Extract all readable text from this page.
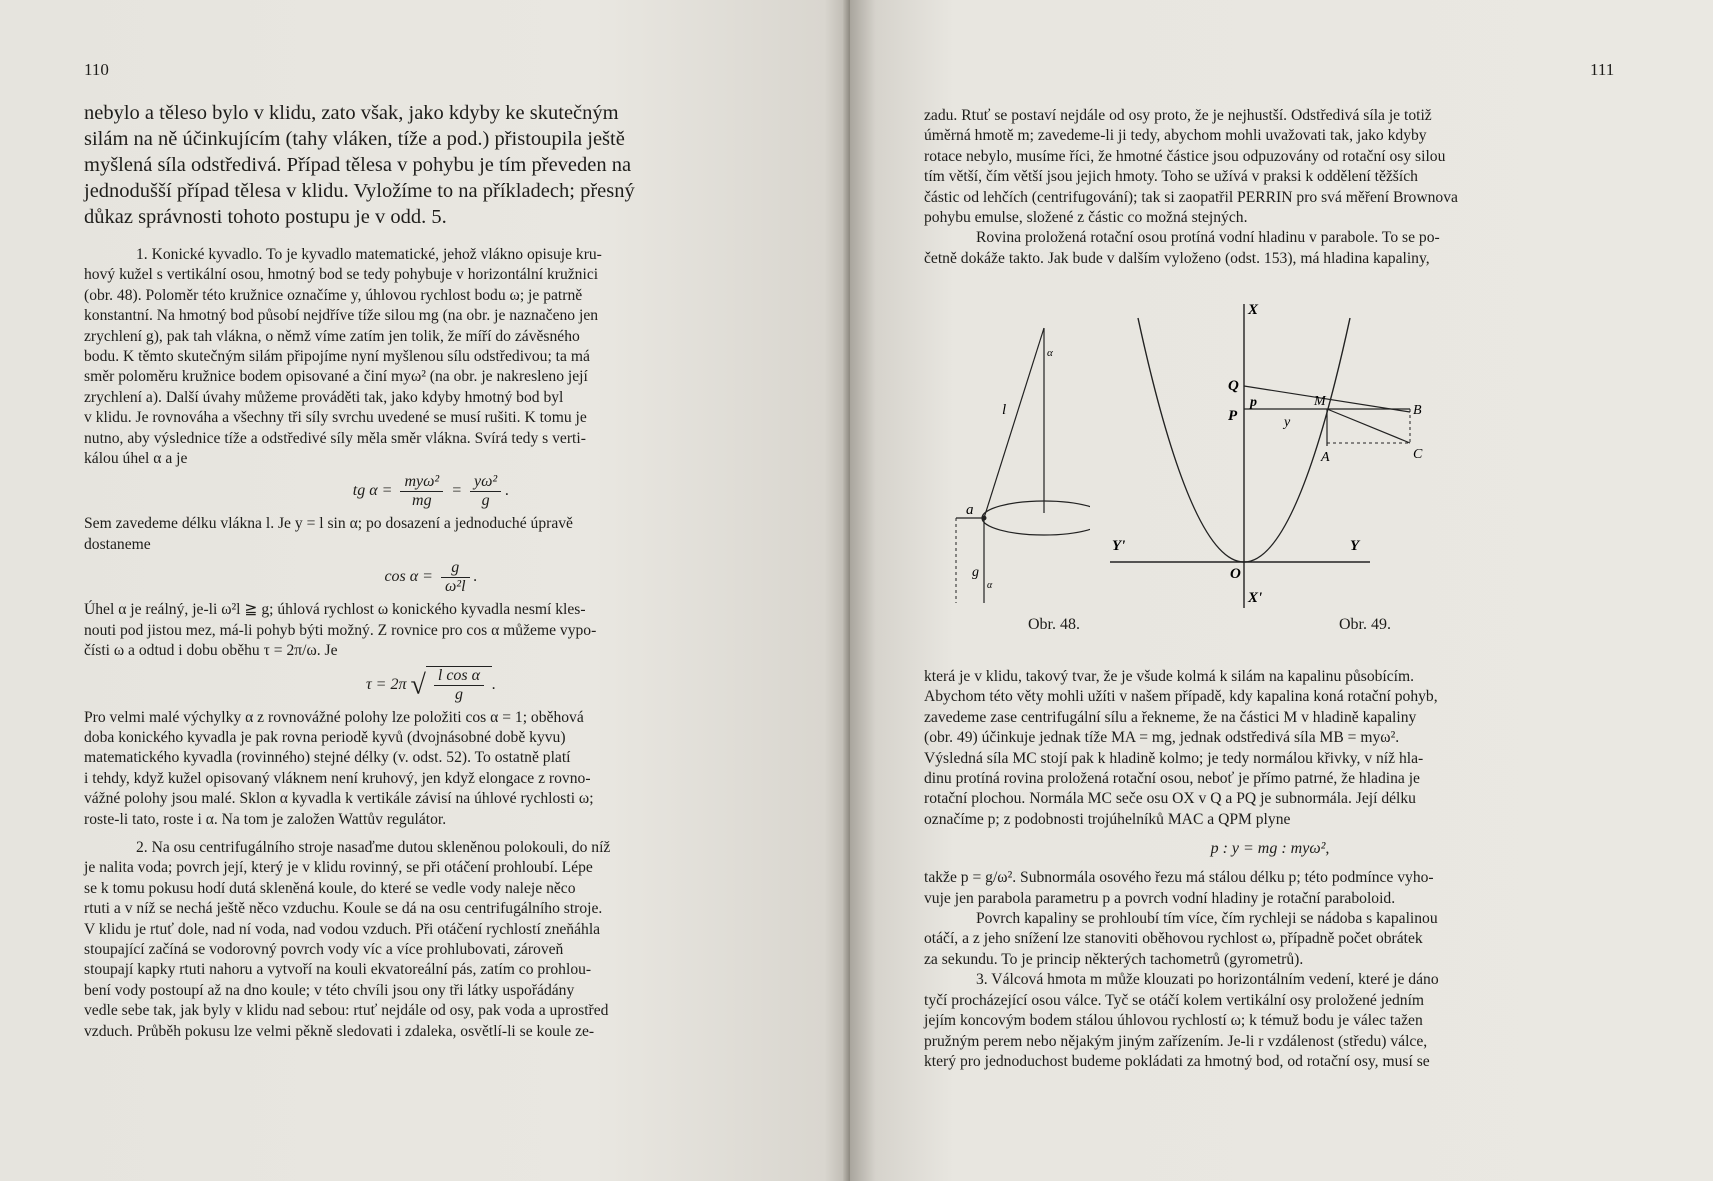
110

nebylo a těleso bylo v klidu, zato však, jako kdyby ke skutečným

silám na ně účinkujícím (tahy vláken, tíže a pod.) přistoupila ještě

myšlená síla odstředivá. Případ tělesa v pohybu je tím převeden na

jednodušší případ tělesa v klidu. Vyložíme to na příkladech; přesný

důkaz správnosti tohoto postupu je v odd. 5.

1. Konické kyvadlo. To je kyvadlo matematické, jehož vlákno opisuje kru-

hový kužel s vertikální osou, hmotný bod se tedy pohybuje v horizontální kružnici

(obr. 48). Poloměr této kružnice označíme y, úhlovou rychlost bodu ω; je patrně

konstantní. Na hmotný bod působí nejdříve tíže silou mg (na obr. je naznačeno jen

zrychlení g), pak tah vlákna, o němž víme zatím jen tolik, že míří do závěsného

bodu. K těmto skutečným silám připojíme nyní myšlenou sílu odstředivou; ta má

směr poloměru kružnice bodem opisované a činí myω² (na obr. je nakresleno její

zrychlení a). Další úvahy můžeme prováděti tak, jako kdyby hmotný bod byl

v klidu. Je rovnováha a všechny tři síly svrchu uvedené se musí rušiti. K tomu je

nutno, aby výslednice tíže a odstředivé síly měla směr vlákna. Svírá tedy s verti-

kálou úhel α a je

tg $\alpha = \frac{\text{myω²}}{mg} = \frac{\text{yω²}}{g}$ .

Sem zavedeme délku vlákna l. Je y = l sin α; po dosazení a jednoduché úpravě

dostaneme

$\cos \alpha = \frac{g}{\text{ω²l}}$ .

Úhel α je reálný, je-li ω²l ≧ g; úhlová rychlost ω konického kyvadla nesmí kles-

nouti pod jistou mez, má-li pohyb býti možný. Z rovnice pro cos α můžeme vypo-

čísti ω a odtud i dobu oběhu τ = 2π/ω. Je

τ = 2π √ $\frac{\text{l cos α}}{g}$ .

Pro velmi malé výchylky α z rovnovážné polohy lze položiti cos α = 1; oběhová

doba konického kyvadla je pak rovna periodě kyvů (dvojnásobné době kyvu)

matematického kyvadla (rovinného) stejné délky (v. odst. 52). To ostatně platí

i tehdy, když kužel opisovaný vláknem není kruhový, jen když elongace z rovno-

vážné polohy jsou malé. Sklon α kyvadla k vertikále závisí na úhlové rychlosti ω;

roste-li tato, roste i α. Na tom je založen Wattův regulátor.

2. Na osu centrifugálního stroje nasaďme dutou skleněnou polokouli, do níž

je nalita voda; povrch její, který je v klidu rovinný, se při otáčení prohloubí. Lépe

se k tomu pokusu hodí dutá skleněná koule, do které se vedle vody naleje něco

rtuti a v níž se nechá ještě něco vzduchu. Koule se dá na osu centrifugálního stroje.

V klidu je rtuť dole, nad ní voda, nad vodou vzduch. Při otáčení rychlostí zneňáhla

stoupající začíná se vodorovný povrch vody víc a více prohlubovati, zároveň

stoupají kapky rtuti nahoru a vytvoří na kouli ekvatoreální pás, zatím co prohlou-

bení vody postoupí až na dno koule; v této chvíli jsou ony tři látky uspořádány

vedle sebe tak, jak byly v klidu nad sebou: rtuť nejdále od osy, pak voda a uprostřed

vzduch. Průběh pokusu lze velmi pěkně sledovati i zdaleka, osvětlí-li se koule ze-

111

zadu. Rtuť se postaví nejdále od osy proto, že je nejhustší. Odstředivá síla je totiž

úměrná hmotě m; zavedeme-li ji tedy, abychom mohli uvažovati tak, jako kdyby

rotace nebylo, musíme říci, že hmotné částice jsou odpuzovány od rotační osy silou

tím větší, čím větší jsou jejich hmoty. Toho se užívá v praksi k oddělení těžších

částic od lehčích (centrifugování); tak si zaopatřil PERRIN pro svá měření Brownova

pohybu emulse, složené z částic co možná stejných.

Rovina proložená rotační osou protíná vodní hladinu v parabole. To se po-

četně dokáže takto. Jak bude v dalším vyloženo (odst. 153), má hladina kapaliny,

α
l
a
g
α
Obr. 48.
X
X'
Y
Y'
O
Q
P
p	M
y
A
B
C
Obr. 49.

která je v klidu, takový tvar, že je všude kolmá k silám na kapalinu působícím.

Abychom této věty mohli užíti v našem případě, kdy kapalina koná rotační pohyb,

zavedeme zase centrifugální sílu a řekneme, že na částici M v hladině kapaliny

(obr. 49) účinkuje jednak tíže MA = mg, jednak odstředivá síla MB = myω².

Výsledná síla MC stojí pak k hladině kolmo; je tedy normálou křivky, v níž hla-

dinu protíná rovina proložená rotační osou, neboť je přímo patrné, že hladina je

rotační plochou. Normála MC seče osu OX v Q a PQ je subnormála. Její délku

označíme p; z podobnosti trojúhelníků MAC a QPM plyne

p : y = mg : myω²,

takže p = g/ω². Subnormála osového řezu má stálou délku p; této podmínce vyho-

vuje jen parabola parametru p a povrch vodní hladiny je rotační paraboloid.

Povrch kapaliny se prohloubí tím více, čím rychleji se nádoba s kapalinou

otáčí, a z jeho snížení lze stanoviti oběhovou rychlost ω, případně počet obrátek

za sekundu. To je princip některých tachometrů (gyrometrů).

3. Válcová hmota m může klouzati po horizontálním vedení, které je dáno

tyčí procházející osou válce. Tyč se otáčí kolem vertikální osy proložené jedním

jejím koncovým bodem stálou úhlovou rychlostí ω; k témuž bodu je válec tažen

pružným perem nebo nějakým jiným zařízením. Je-li r vzdálenost (středu) válce,

který pro jednoduchost budeme pokládati za hmotný bod, od rotační osy, musí se
